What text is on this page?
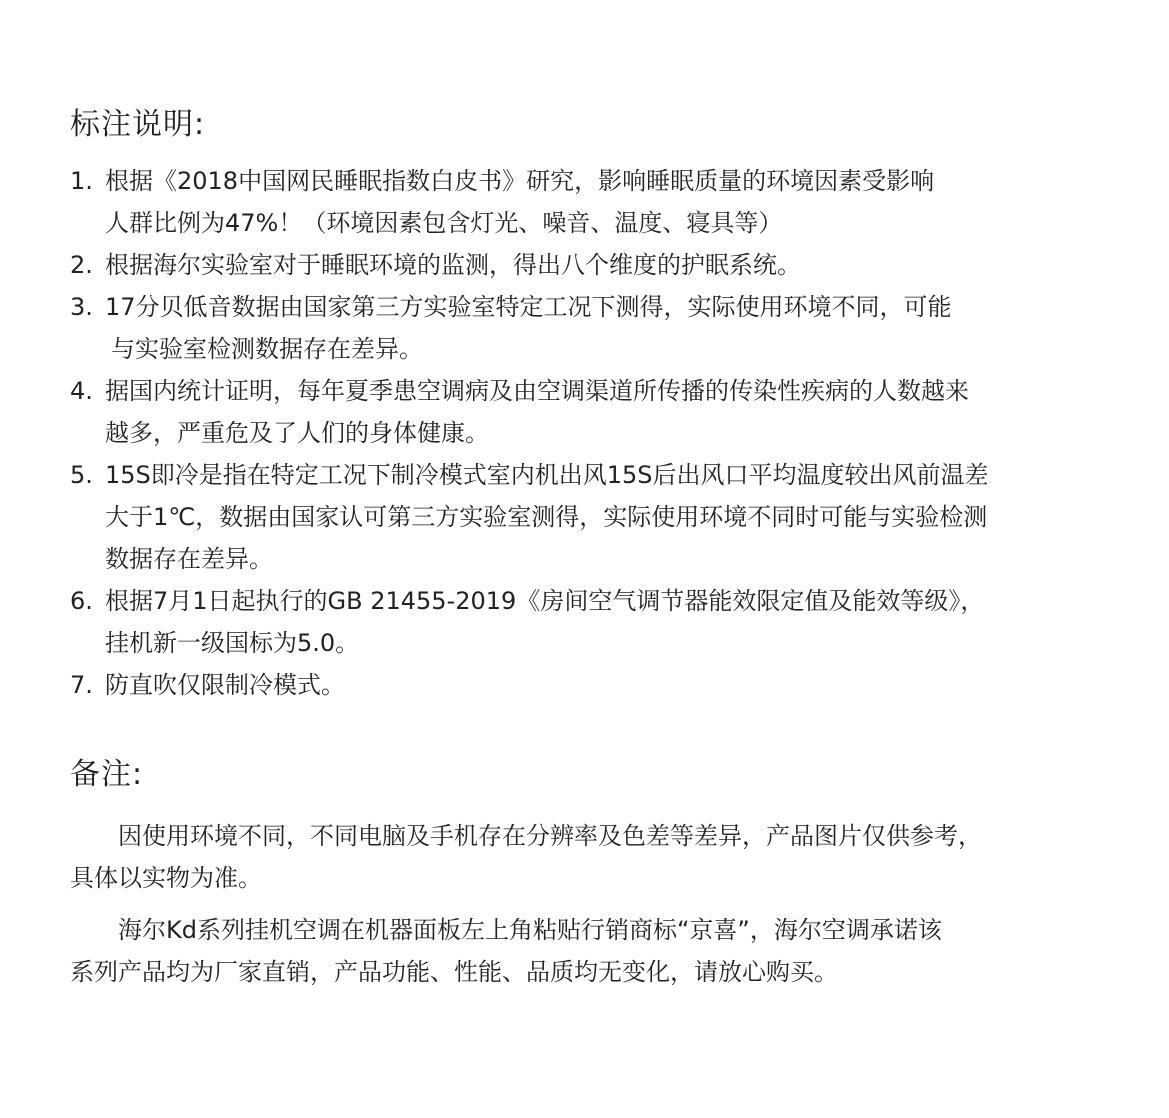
标注说明:
1. 根据《2018中国网民睡眠指数白皮书》研究，影响睡眠质量的环境因素受影响
人群比例为47%！（环境因素包含灯光、噪音、温度、寝具等）
2. 根据海尔实验室对于睡眠环境的监测，得出八个维度的护眠系统。
3. 17分贝低音数据由国家第三方实验室特定工况下测得，实际使用环境不同，可能
与实验室检测数据存在差异。
4. 据国内统计证明，每年夏季患空调病及由空调渠道所传播的传染性疾病的人数越来
越多，严重危及了人们的身体健康。
5. 15S即冷是指在特定工况下制冷模式室内机出风15S后出风口平均温度较出风前温差
大于1℃，数据由国家认可第三方实验室测得，实际使用环境不同时可能与实验检测
数据存在差异。
6. 根据7月1日起执行的GB 21455-2019《房间空气调节器能效限定值及能效等级》，
挂机新一级国标为5.0。
7. 防直吹仅限制冷模式。
备注:

因使用环境不同，不同电脑及手机存在分辨率及色差等差异，产品图片仅供参考，
具体以实物为准。

海尔Kd系列挂机空调在机器面板左上角粘贴行销商标“京喜”，海尔空调承诺该
系列产品均为厂家直销，产品功能、性能、品质均无变化，请放心购买。
